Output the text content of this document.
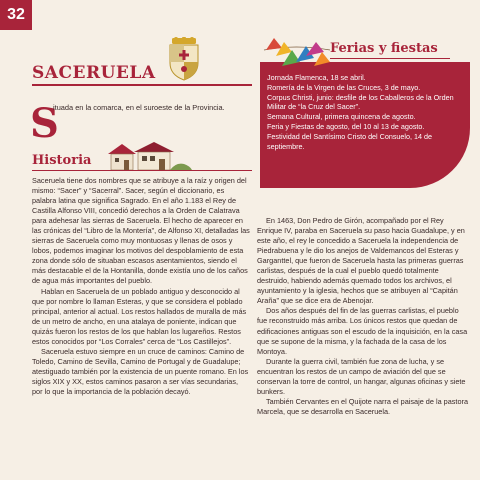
32
SACERUELA
S
ituada en la comarca, en el suroeste de la Provincia.
Historia

Saceruela tiene dos nombres que se atribuye a la raíz y origen del mismo: “Sacer” y “Sacerral”. Sacer, según el diccionario, es palabra latina que significa Sagrado. En el año 1.183 el Rey de Castilla Alfonso VIII, concedió derechos a la Orden de Calatrava para adehesar las sierras de Saceruela. El hecho de aparecer en las crónicas del “Libro de la Montería”, de Alfonso XI, detalladas las sierras de Saceruela como muy montuosas y llenas de osos y lobos, podemos imaginar los motivos del despoblamiento de esta zona donde sólo de situaban escasos asentamientos, siendo el más destacable el de la Hontanilla, donde existía uno de los caños de agua más importantes del pueblo.

Hablan en Saceruela de un poblado antiguo y desconocido al que por nombre lo llaman Esteras, y que se considera el poblado principal, anterior al actual. Los restos hallados de muralla de más de un metro de ancho, en una atalaya de poniente, indican que quizás fueron los restos de los que hablan los lugareños. Restos estos conocidos por “Los Corrales” cerca de “Los Castillejos”.

Saceruela estuvo siempre en un cruce de caminos: Camino de Toledo, Camino de Sevilla, Camino de Portugal y de Guadalupe; atestiguado también por la existencia de un puente romano. En los siglos XIX y XX, estos caminos pasaron a ser vías secundarias, por lo que la importancia de la población decayó.

En 1463, Don Pedro de Girón, acompañado por el Rey Enrique IV, paraba en Saceruela su paso hacia Guadalupe, y en este año, el rey le concedido a Saceruela la independencia de Piedrabuena y le dio los anejos de Valdemancos del Esteras y Garganttel, que fueron de Saceruela hasta las primeras guerras carlistas, después de la cual el pueblo quedó totalmente destruido, habiendo además quemado todos los archivos, el ayuntamiento y la iglesia, hechos que se atribuyen al “Capitán Araña” que se dice era de Abenojar.

Dos años después del fin de las guerras carlistas, el pueblo fue reconstruido más arriba. Los únicos restos que quedan de edificaciones antiguas son el escudo de la inquisición, en la casa que se supone de la misma, y la fachada de la casa de los Montoya.

Durante la guerra civil, también fue zona de lucha, y se encuentran los restos de un campo de aviación del que se conservan la torre de control, un hangar, algunas oficinas y siete bunkers.

También Cervantes en el Quijote narra el paisaje de la pastora Marcela, que se desarrolla en Saceruela.

Jornada Flamenca, 18 se abril.
Romería de la Virgen de las Cruces, 3 de mayo.
Corpus Christi, junio: desfile de los Caballeros de la Orden Militar de “la Cruz del Sacer”.
Semana Cultural, primera quincena de agosto.
Feria y Fiestas de agosto, del 10 al 13 de agosto.
Festividad del Santísimo Cristo del Consuelo, 14 de septiembre.
Ferias y fiestas
